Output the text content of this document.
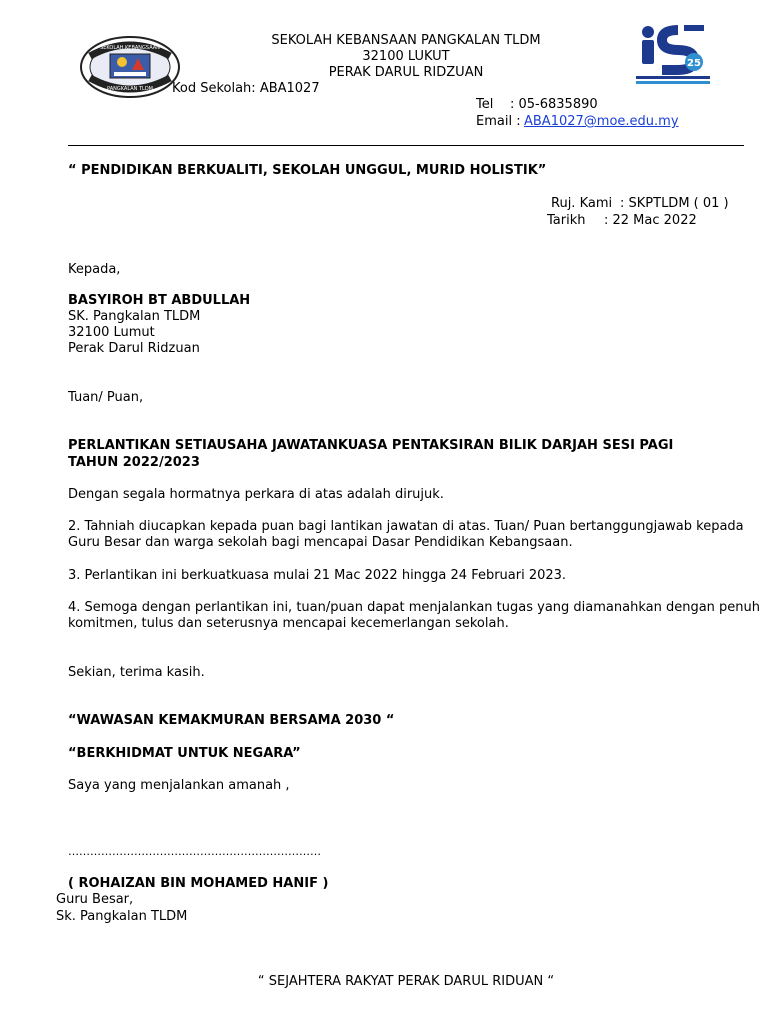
SEKOLAH KEBANGSAAN
PANGKALAN TLDM
25
SEKOLAH KEBANSAAN PANGKALAN TLDM
32100 LUKUT
PERAK DARUL RIDZUAN
Kod Sekolah: ABA1027
Tel : 05-6835890
Email : ABA1027@moe.edu.my
“ PENDIDIKAN BERKUALITI, SEKOLAH UNGGUL, MURID HOLISTIK”
Ruj. Kami : SKPTLDM ( 01 )
Tarikh : 22 Mac 2022
Kepada,
BASYIROH BT ABDULLAH
SK. Pangkalan TLDM
32100 Lumut
Perak Darul Ridzuan
Tuan/ Puan,
PERLANTIKAN SETIAUSAHA JAWATANKUASA PENTAKSIRAN BILIK DARJAH SESI PAGI
TAHUN 2022/2023
Dengan segala hormatnya perkara di atas adalah dirujuk.
2. Tahniah diucapkan kepada puan bagi lantikan jawatan di atas. Tuan/ Puan bertanggungjawab kepada
Guru Besar dan warga sekolah bagi mencapai Dasar Pendidikan Kebangsaan.
3. Perlantikan ini berkuatkuasa mulai 21 Mac 2022 hingga 24 Februari 2023.
4. Semoga dengan perlantikan ini, tuan/puan dapat menjalankan tugas yang diamanahkan dengan penuh
komitmen, tulus dan seterusnya mencapai kecemerlangan sekolah.
Sekian, terima kasih.
“WAWASAN KEMAKMURAN BERSAMA 2030 “
“BERKHIDMAT UNTUK NEGARA”
Saya yang menjalankan amanah ,
……………………………………………………………
( ROHAIZAN BIN MOHAMED HANIF )
Guru Besar,
Sk. Pangkalan TLDM
“ SEJAHTERA RAKYAT PERAK DARUL RIDUAN “
